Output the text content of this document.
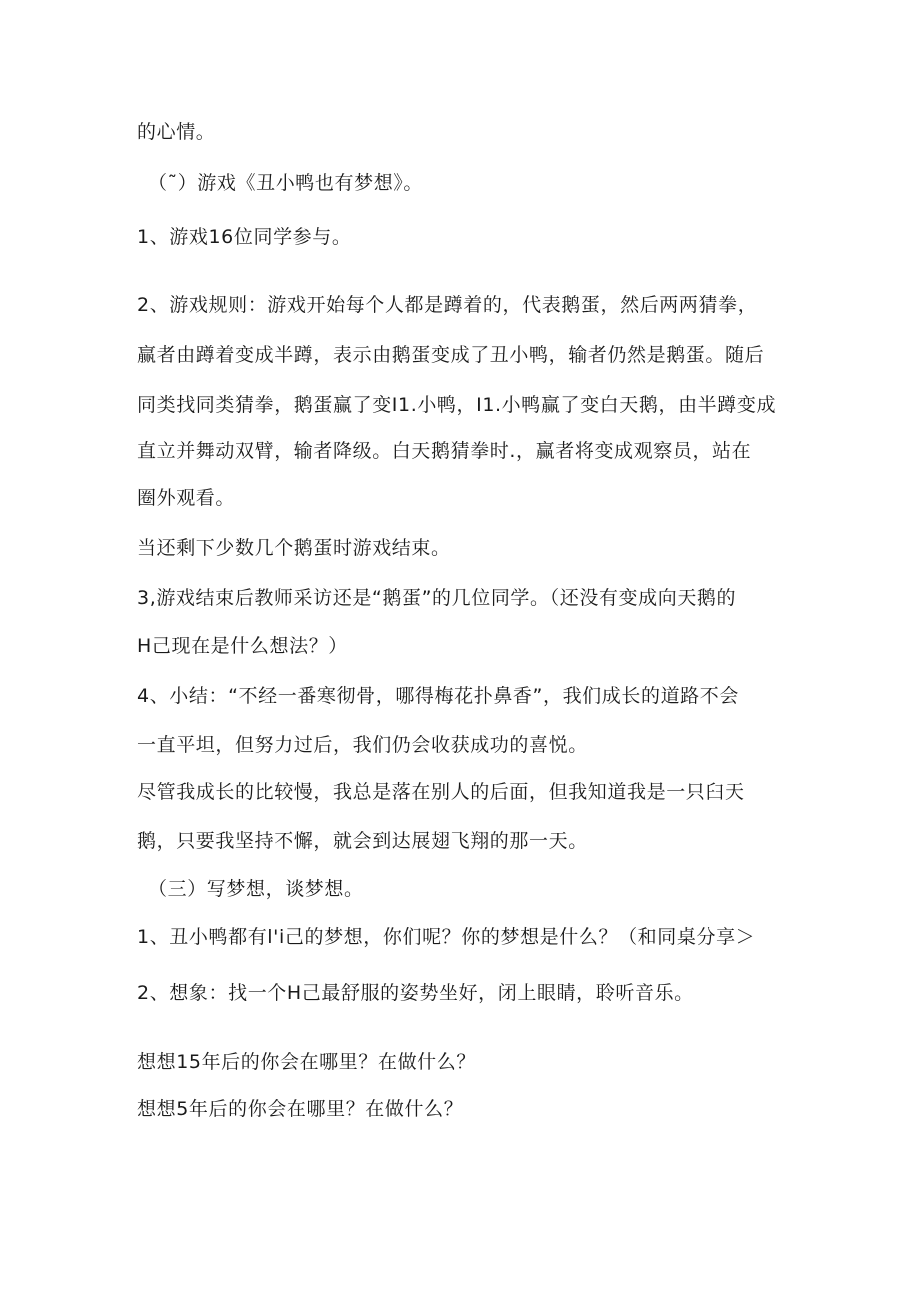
的心情。
（˜）游戏《丑小鸭也有梦想》。
1、游戏16位同学参与。
2、游戏规则：游戏开始每个人都是蹲着的，代表鹅蛋，然后两两猜拳，
赢者由蹲着变成半蹲，表示由鹅蛋变成了丑小鸭，输者仍然是鹅蛋。随后
同类找同类猜拳，鹅蛋赢了变I1.小鸭，I1.小鸭赢了变白天鹅，由半蹲变成
直立并舞动双臂，输者降级。白天鹅猜拳时.，赢者将变成观察员，站在
圈外观看。
当还剩下少数几个鹅蛋时游戏结束。
3,游戏结束后教师采访还是“鹅蛋”的几位同学。（还没有变成向天鹅的
H己现在是什么想法？）
4、小结：“不经一番寒彻骨，哪得梅花扑鼻香”，我们成长的道路不会
一直平坦，但努力过后，我们仍会收获成功的喜悦。
尽管我成长的比较慢，我总是落在别人的后面，但我知道我是一只臼天
鹅，只要我坚持不懈，就会到达展翅飞翔的那一天。
（三）写梦想，谈梦想。
1、丑小鸭都有l'i己的梦想，你们呢？你的梦想是什么？（和同桌分享＞
2、想象：找一个H己最舒服的姿势坐好，闭上眼睛，聆听音乐。
想想15年后的你会在哪里？在做什么？
想想5年后的你会在哪里？在做什么？
